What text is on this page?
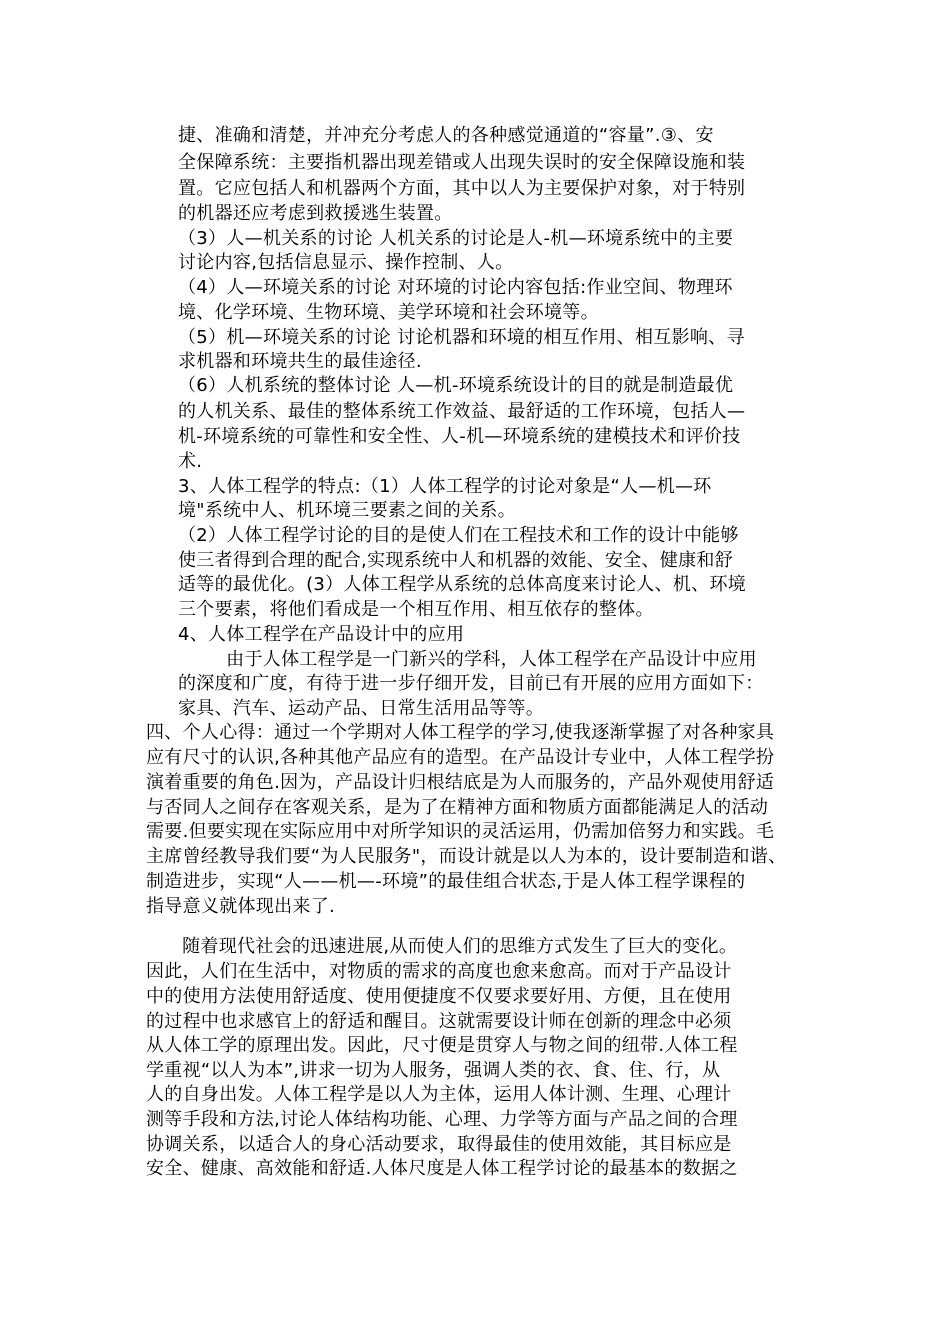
捷、准确和清楚，并冲充分考虑人的各种感觉通道的“容量”.③、安
全保障系统：主要指机器出现差错或人出现失误时的安全保障设施和装
置。它应包括人和机器两个方面，其中以人为主要保护对象，对于特别
的机器还应考虑到救援逃生装置。
（3）人—机关系的讨论 人机关系的讨论是人-机—环境系统中的主要
讨论内容,包括信息显示、操作控制、人。
（4）人—环境关系的讨论 对环境的讨论内容包括:作业空间、物理环
境、化学环境、生物环境、美学环境和社会环境等。
（5）机—环境关系的讨论 讨论机器和环境的相互作用、相互影响、寻
求机器和环境共生的最佳途径.
（6）人机系统的整体讨论 人—机-环境系统设计的目的就是制造最优
的人机关系、最佳的整体系统工作效益、最舒适的工作环境，包括人—
机-环境系统的可靠性和安全性、人-机—环境系统的建模技术和评价技
术.
3、人体工程学的特点:（1）人体工程学的讨论对象是“人—机—环
境"系统中人、机环境三要素之间的关系。
（2）人体工程学讨论的目的是使人们在工程技术和工作的设计中能够
使三者得到合理的配合,实现系统中人和机器的效能、安全、健康和舒
适等的最优化。(3）人体工程学从系统的总体高度来讨论人、机、环境
三个要素，将他们看成是一个相互作用、相互依存的整体。
4、人体工程学在产品设计中的应用
由于人体工程学是一门新兴的学科，人体工程学在产品设计中应用
的深度和广度，有待于进一步仔细开发，目前已有开展的应用方面如下：
家具、汽车、运动产品、日常生活用品等等。
四、个人心得：通过一个学期对人体工程学的学习,使我逐渐掌握了对各种家具
应有尺寸的认识,各种其他产品应有的造型。在产品设计专业中，人体工程学扮
演着重要的角色.因为，产品设计归根结底是为人而服务的，产品外观使用舒适
与否同人之间存在客观关系，是为了在精神方面和物质方面都能满足人的活动
需要.但要实现在实际应用中对所学知识的灵活运用，仍需加倍努力和实践。毛
主席曾经教导我们要“为人民服务"，而设计就是以人为本的，设计要制造和谐、
制造进步，实现“人——机—-环境”的最佳组合状态,于是人体工程学课程的
指导意义就体现出来了.
随着现代社会的迅速进展,从而使人们的思维方式发生了巨大的变化。
因此，人们在生活中，对物质的需求的高度也愈来愈高。而对于产品设计
中的使用方法使用舒适度、使用便捷度不仅要求要好用、方便，且在使用
的过程中也求感官上的舒适和醒目。这就需要设计师在创新的理念中必须
从人体工学的原理出发。因此，尺寸便是贯穿人与物之间的纽带.人体工程
学重视“以人为本”,讲求一切为人服务，强调人类的衣、食、住、行，从
人的自身出发。人体工程学是以人为主体，运用人体计测、生理、心理计
测等手段和方法,讨论人体结构功能、心理、力学等方面与产品之间的合理
协调关系，以适合人的身心活动要求，取得最佳的使用效能，其目标应是
安全、健康、高效能和舒适.人体尺度是人体工程学讨论的最基本的数据之
